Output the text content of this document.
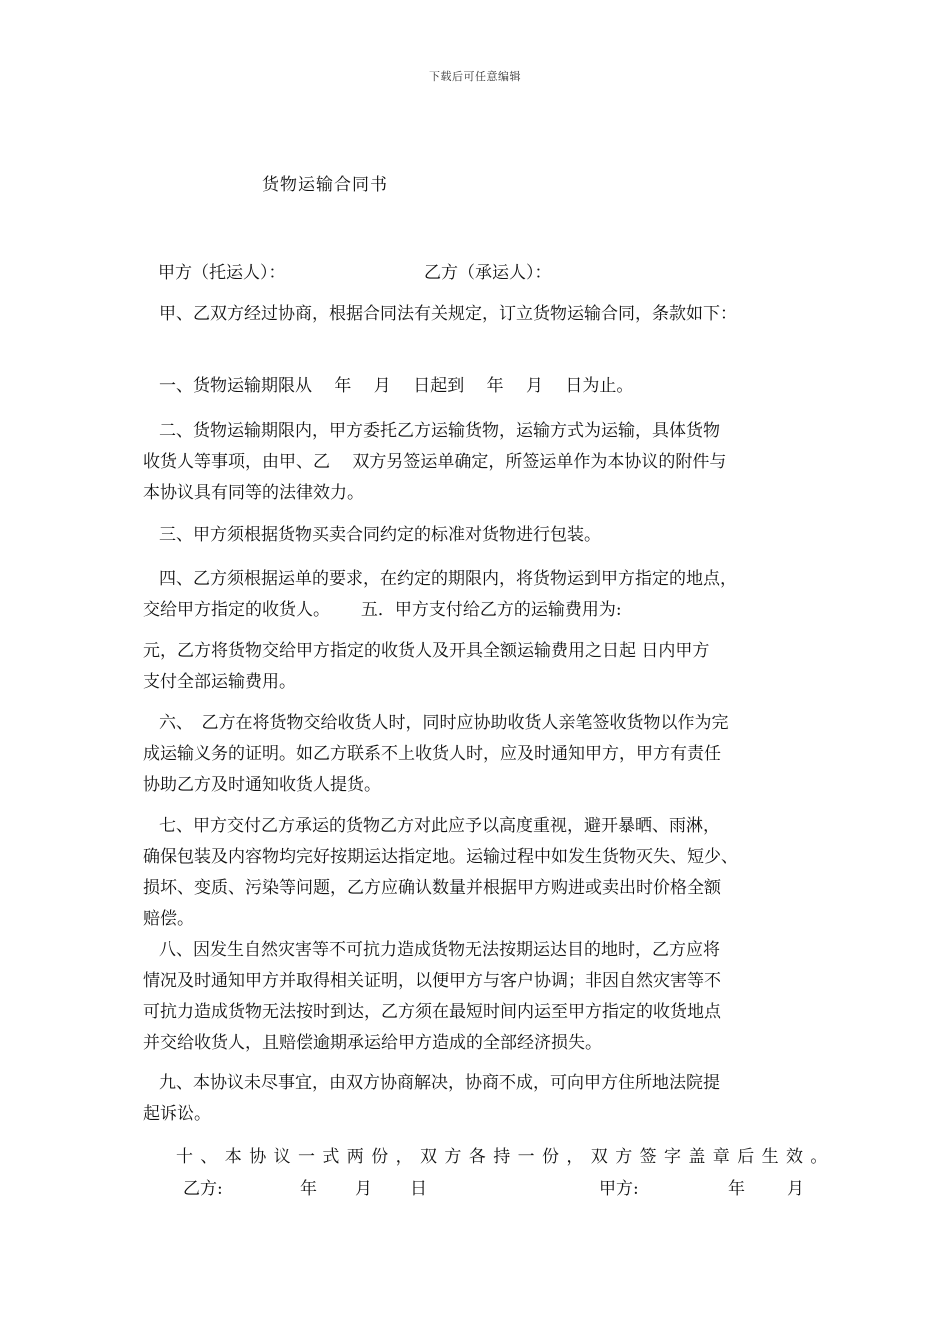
下载后可任意编辑
货物运输合同书
甲方（托运人）：	乙方（承运人）：
甲、乙双方经过协商，根据合同法有关规定，订立货物运输合同，条款如下：
一、货物运输期限从　 年　 月　 日起到　 年　 月　 日为止。
二、货物运输期限内，甲方委托乙方运输货物，运输方式为运输，具体货物
收货人等事项，由甲、乙　 双方另签运单确定，所签运单作为本协议的附件与
本协议具有同等的法律效力。
三、甲方须根据货物买卖合同约定的标准对货物进行包装。
四、乙方须根据运单的要求，在约定的期限内，将货物运到甲方指定的地点，
交给甲方指定的收货人。　　 五．甲方支付给乙方的运输费用为:
元，乙方将货物交给甲方指定的收货人及开具全额运输费用之日起 日内甲方
支付全部运输费用。
六、　乙方在将货物交给收货人时，同时应协助收货人亲笔签收货物以作为完
成运输义务的证明。如乙方联系不上收货人时，应及时通知甲方，甲方有责任
协助乙方及时通知收货人提货。
七、甲方交付乙方承运的货物乙方对此应予以高度重视，避开暴晒、雨淋，
确保包装及内容物均完好按期运达指定地。运输过程中如发生货物灭失、短少、
损坏、变质、污染等问题，乙方应确认数量并根据甲方购进或卖出时价格全额
赔偿。
八、因发生自然灾害等不可抗力造成货物无法按期运达目的地时，乙方应将
情况及时通知甲方并取得相关证明，以便甲方与客户协调；非因自然灾害等不
可抗力造成货物无法按时到达，乙方须在最短时间内运至甲方指定的收货地点
并交给收货人，且赔偿逾期承运给甲方造成的全部经济损失。
九、本协议未尽事宜，由双方协商解决，协商不成，可向甲方住所地法院提
起诉讼。
十、本协议一式两份，双方各持一份，双方签字盖章后生效。
乙方:	年 月 日	甲方:	年 月
